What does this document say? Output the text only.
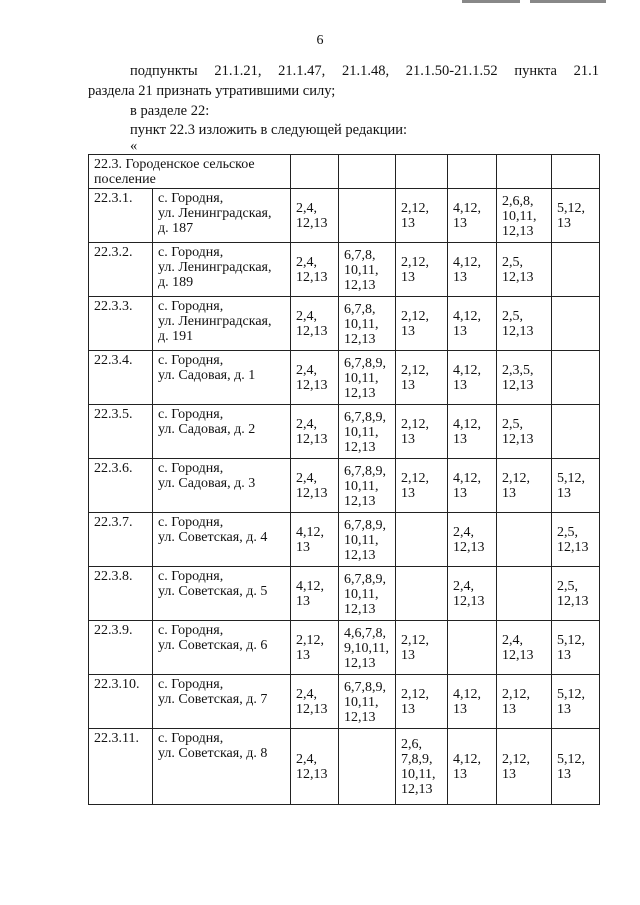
6
подпункты 21.1.21, 21.1.47, 21.1.48, 21.1.50-21.1.52 пункта 21.1
раздела 21 признать утратившими силу;
в разделе 22:
пункт 22.3 изложить в следующей редакции:
«
22.3. Городенское сельское поселение							
22.3.1.	с. Городня,
ул. Ленинградская,
д. 187	2,4,
12,13		2,12,
13	4,12,
13	2,6,8,
10,11,
12,13	5,12,
13
22.3.2.	с. Городня,
ул. Ленинградская,
д. 189	2,4,
12,13	6,7,8,
10,11,
12,13	2,12,
13	4,12,
13	2,5,
12,13	
22.3.3.	с. Городня,
ул. Ленинградская,
д. 191	2,4,
12,13	6,7,8,
10,11,
12,13	2,12,
13	4,12,
13	2,5,
12,13	
22.3.4.	с. Городня,
ул. Садовая, д. 1	2,4,
12,13	6,7,8,9,
10,11,
12,13	2,12,
13	4,12,
13	2,3,5,
12,13	
22.3.5.	с. Городня,
ул. Садовая, д. 2	2,4,
12,13	6,7,8,9,
10,11,
12,13	2,12,
13	4,12,
13	2,5,
12,13	
22.3.6.	с. Городня,
ул. Садовая, д. 3	2,4,
12,13	6,7,8,9,
10,11,
12,13	2,12,
13	4,12,
13	2,12,
13	5,12,
13
22.3.7.	с. Городня,
ул. Советская, д. 4	4,12,
13	6,7,8,9,
10,11,
12,13		2,4,
12,13		2,5,
12,13
22.3.8.	с. Городня,
ул. Советская, д. 5	4,12,
13	6,7,8,9,
10,11,
12,13		2,4,
12,13		2,5,
12,13
22.3.9.	с. Городня,
ул. Советская, д. 6	2,12,
13	4,6,7,8,
9,10,11,
12,13	2,12,
13		2,4,
12,13	5,12,
13
22.3.10.	с. Городня,
ул. Советская, д. 7	2,4,
12,13	6,7,8,9,
10,11,
12,13	2,12,
13	4,12,
13	2,12,
13	5,12,
13
22.3.11.	с. Городня,
ул. Советская, д. 8	2,4,
12,13		2,6,
7,8,9,
10,11,
12,13	4,12,
13	2,12,
13	5,12,
13
